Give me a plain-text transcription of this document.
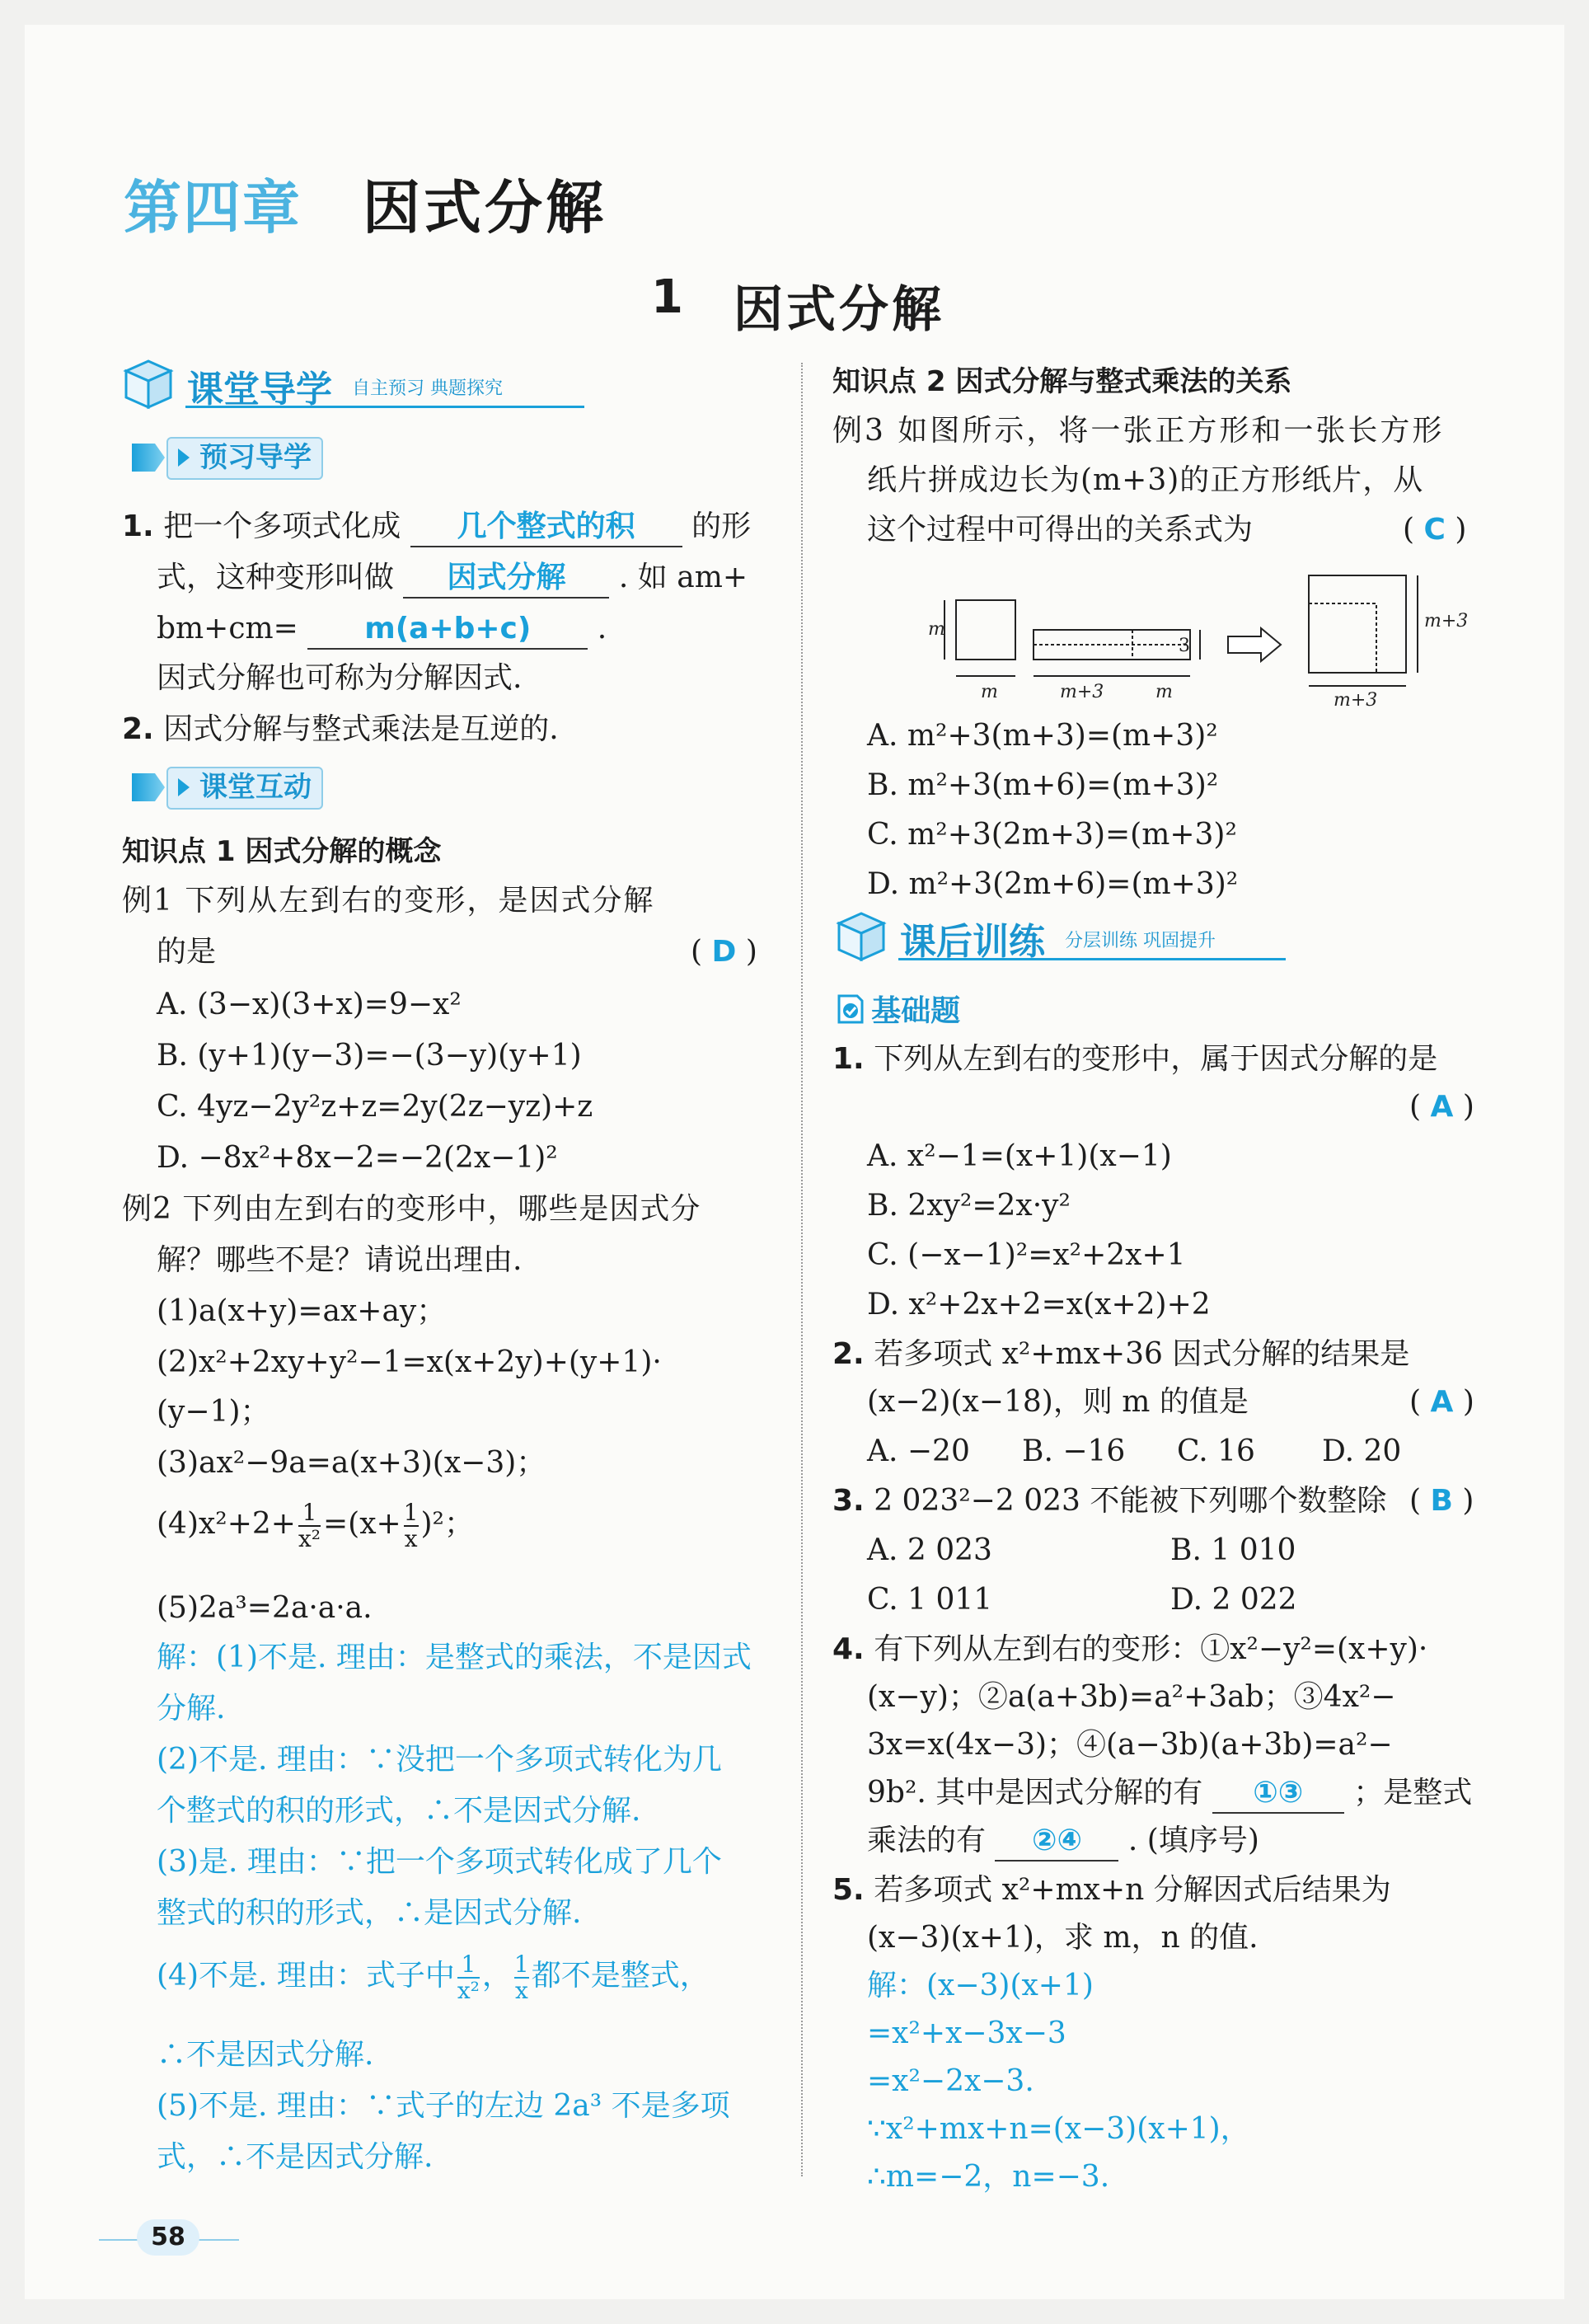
第四章 因式分解
1 因式分解
课堂导学 自主预习 典题探究
预习导学
1. 把一个多项式化成 几个整式的积 的形
式，这种变形叫做 因式分解 . 如 am+
bm+cm= m(a+b+c) .
因式分解也可称为分解因式.
2. 因式分解与整式乘法是互逆的.
课堂互动
知识点 1 因式分解的概念
例1 下列从左到右的变形，是因式分解
的是	( D )
A. (3−x)(3+x)=9−x²
B. (y+1)(y−3)=−(3−y)(y+1)
C. 4yz−2y²z+z=2y(2z−yz)+z
D. −8x²+8x−2=−2(2x−1)²
例2 下列由左到右的变形中，哪些是因式分
解？哪些不是？请说出理由.
(1)a(x+y)=ax+ay；
(2)x²+2xy+y²−1=x(x+2y)+(y+1)·
(y−1)；
(3)ax²−9a=a(x+3)(x−3)；
$(4)x^2+2+ \frac{1}{\text{x²}} =(x+ \frac{1}{x} )^2$；
(5)2a³=2a·a·a.
解：(1)不是. 理由：是整式的乘法，不是因式
分解.
(2)不是. 理由：∵没把一个多项式转化为几
个整式的积的形式，∴不是因式分解.
(3)是. 理由：∵把一个多项式转化成了几个
整式的积的形式，∴是因式分解.
(4)不是. 理由：式子中 $\frac{1}{\text{x²}}$ ， $\frac{1}{x}$ 都不是整式，
∴不是因式分解.
(5)不是. 理由：∵式子的左边 2a³ 不是多项
式，∴不是因式分解.
知识点 2 因式分解与整式乘法的关系
例3 如图所示，将一张正方形和一张长方形
纸片拼成边长为(m+3)的正方形纸片，从
这个过程中可得出的关系式为	( C )
m
m	m+3	m
3
m+3
m+3
A. m²+3(m+3)=(m+3)²
B. m²+3(m+6)=(m+3)²
C. m²+3(2m+3)=(m+3)²
D. m²+3(2m+6)=(m+3)²
课后训练 分层训练 巩固提升
基础题
1. 下列从左到右的变形中，属于因式分解的是
( A )
A. x²−1=(x+1)(x−1)
B. 2xy²=2x·y²
C. (−x−1)²=x²+2x+1
D. x²+2x+2=x(x+2)+2
2. 若多项式 x²+mx+36 因式分解的结果是
(x−2)(x−18)，则 m 的值是	( A )
A. −20 B. −16 C. 16 D. 20
3. 2 023²−2 023 不能被下列哪个数整除 ( B )
A. 2 023	B. 1 010
C. 1 011	D. 2 022
4. 有下列从左到右的变形：①x²−y²=(x+y)·
(x−y)；②a(a+3b)=a²+3ab；③4x²−
3x=x(4x−3)；④(a−3b)(a+3b)=a²−
9b². 其中是因式分解的有 ①③ ；是整式
乘法的有 ②④ . (填序号)
5. 若多项式 x²+mx+n 分解因式后结果为
(x−3)(x+1)，求 m，n 的值.
解：(x−3)(x+1)
=x²+x−3x−3
=x²−2x−3.
∵x²+mx+n=(x−3)(x+1)，
∴m=−2，n=−3.
58
